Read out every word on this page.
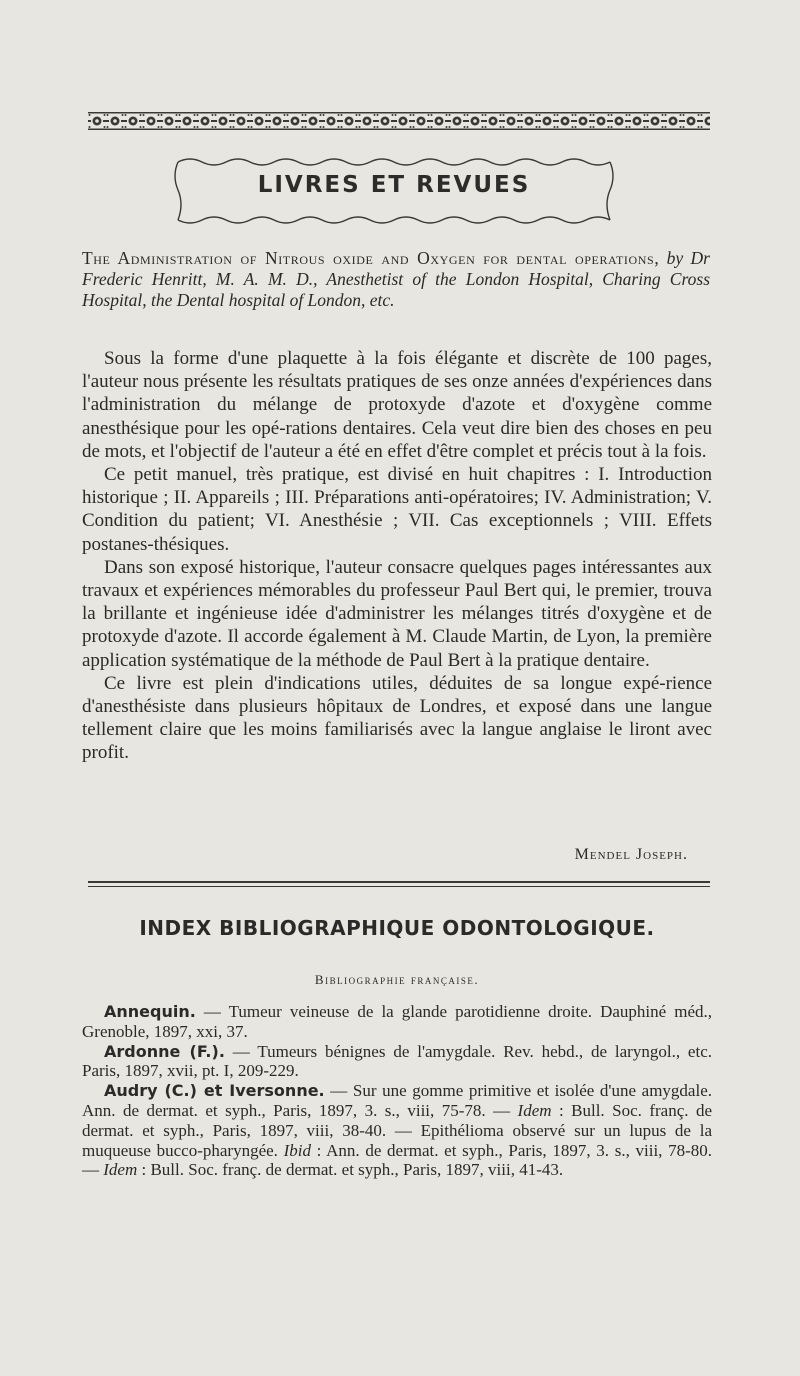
LIVRES ET REVUES
The Administration of Nitrous oxide and Oxygen for dental operations, by Dr Frederic Henritt, M. A. M. D., Anesthetist of the London Hospital, Charing Cross Hospital, the Dental hospital of London, etc.

Sous la forme d'une plaquette à la fois élégante et discrète de 100 pages, l'auteur nous présente les résultats pratiques de ses onze années d'expériences dans l'administration du mélange de protoxyde d'azote et d'oxygène comme anesthésique pour les opé-rations dentaires. Cela veut dire bien des choses en peu de mots, et l'objectif de l'auteur a été en effet d'être complet et précis tout à la fois.

Ce petit manuel, très pratique, est divisé en huit chapitres : I. Introduction historique ; II. Appareils ; III. Préparations anti-opératoires; IV. Administration; V. Condition du patient; VI. Anesthésie ; VII. Cas exceptionnels ; VIII. Effets postanes-thésiques.

Dans son exposé historique, l'auteur consacre quelques pages intéressantes aux travaux et expériences mémorables du professeur Paul Bert qui, le premier, trouva la brillante et ingénieuse idée d'administrer les mélanges titrés d'oxygène et de protoxyde d'azote. Il accorde également à M. Claude Martin, de Lyon, la première application systématique de la méthode de Paul Bert à la pratique dentaire.

Ce livre est plein d'indications utiles, déduites de sa longue expé-rience d'anesthésiste dans plusieurs hôpitaux de Londres, et exposé dans une langue tellement claire que les moins familiarisés avec la langue anglaise le liront avec profit.

Mendel Joseph.
INDEX BIBLIOGRAPHIQUE ODONTOLOGIQUE.
Bibliographie française.

Annequin. — Tumeur veineuse de la glande parotidienne droite. Dauphiné méd., Grenoble, 1897, xxi, 37.

Ardonne (F.). — Tumeurs bénignes de l'amygdale. Rev. hebd., de laryngol., etc. Paris, 1897, xvii, pt. I, 209-229.

Audry (C.) et Iversonne. — Sur une gomme primitive et isolée d'une amygdale. Ann. de dermat. et syph., Paris, 1897, 3. s., viii, 75-78. — Idem : Bull. Soc. franç. de dermat. et syph., Paris, 1897, viii, 38-40. — Epithélioma observé sur un lupus de la muqueuse bucco-pharyngée. Ibid : Ann. de dermat. et syph., Paris, 1897, 3. s., viii, 78-80. — Idem : Bull. Soc. franç. de dermat. et syph., Paris, 1897, viii, 41-43.
